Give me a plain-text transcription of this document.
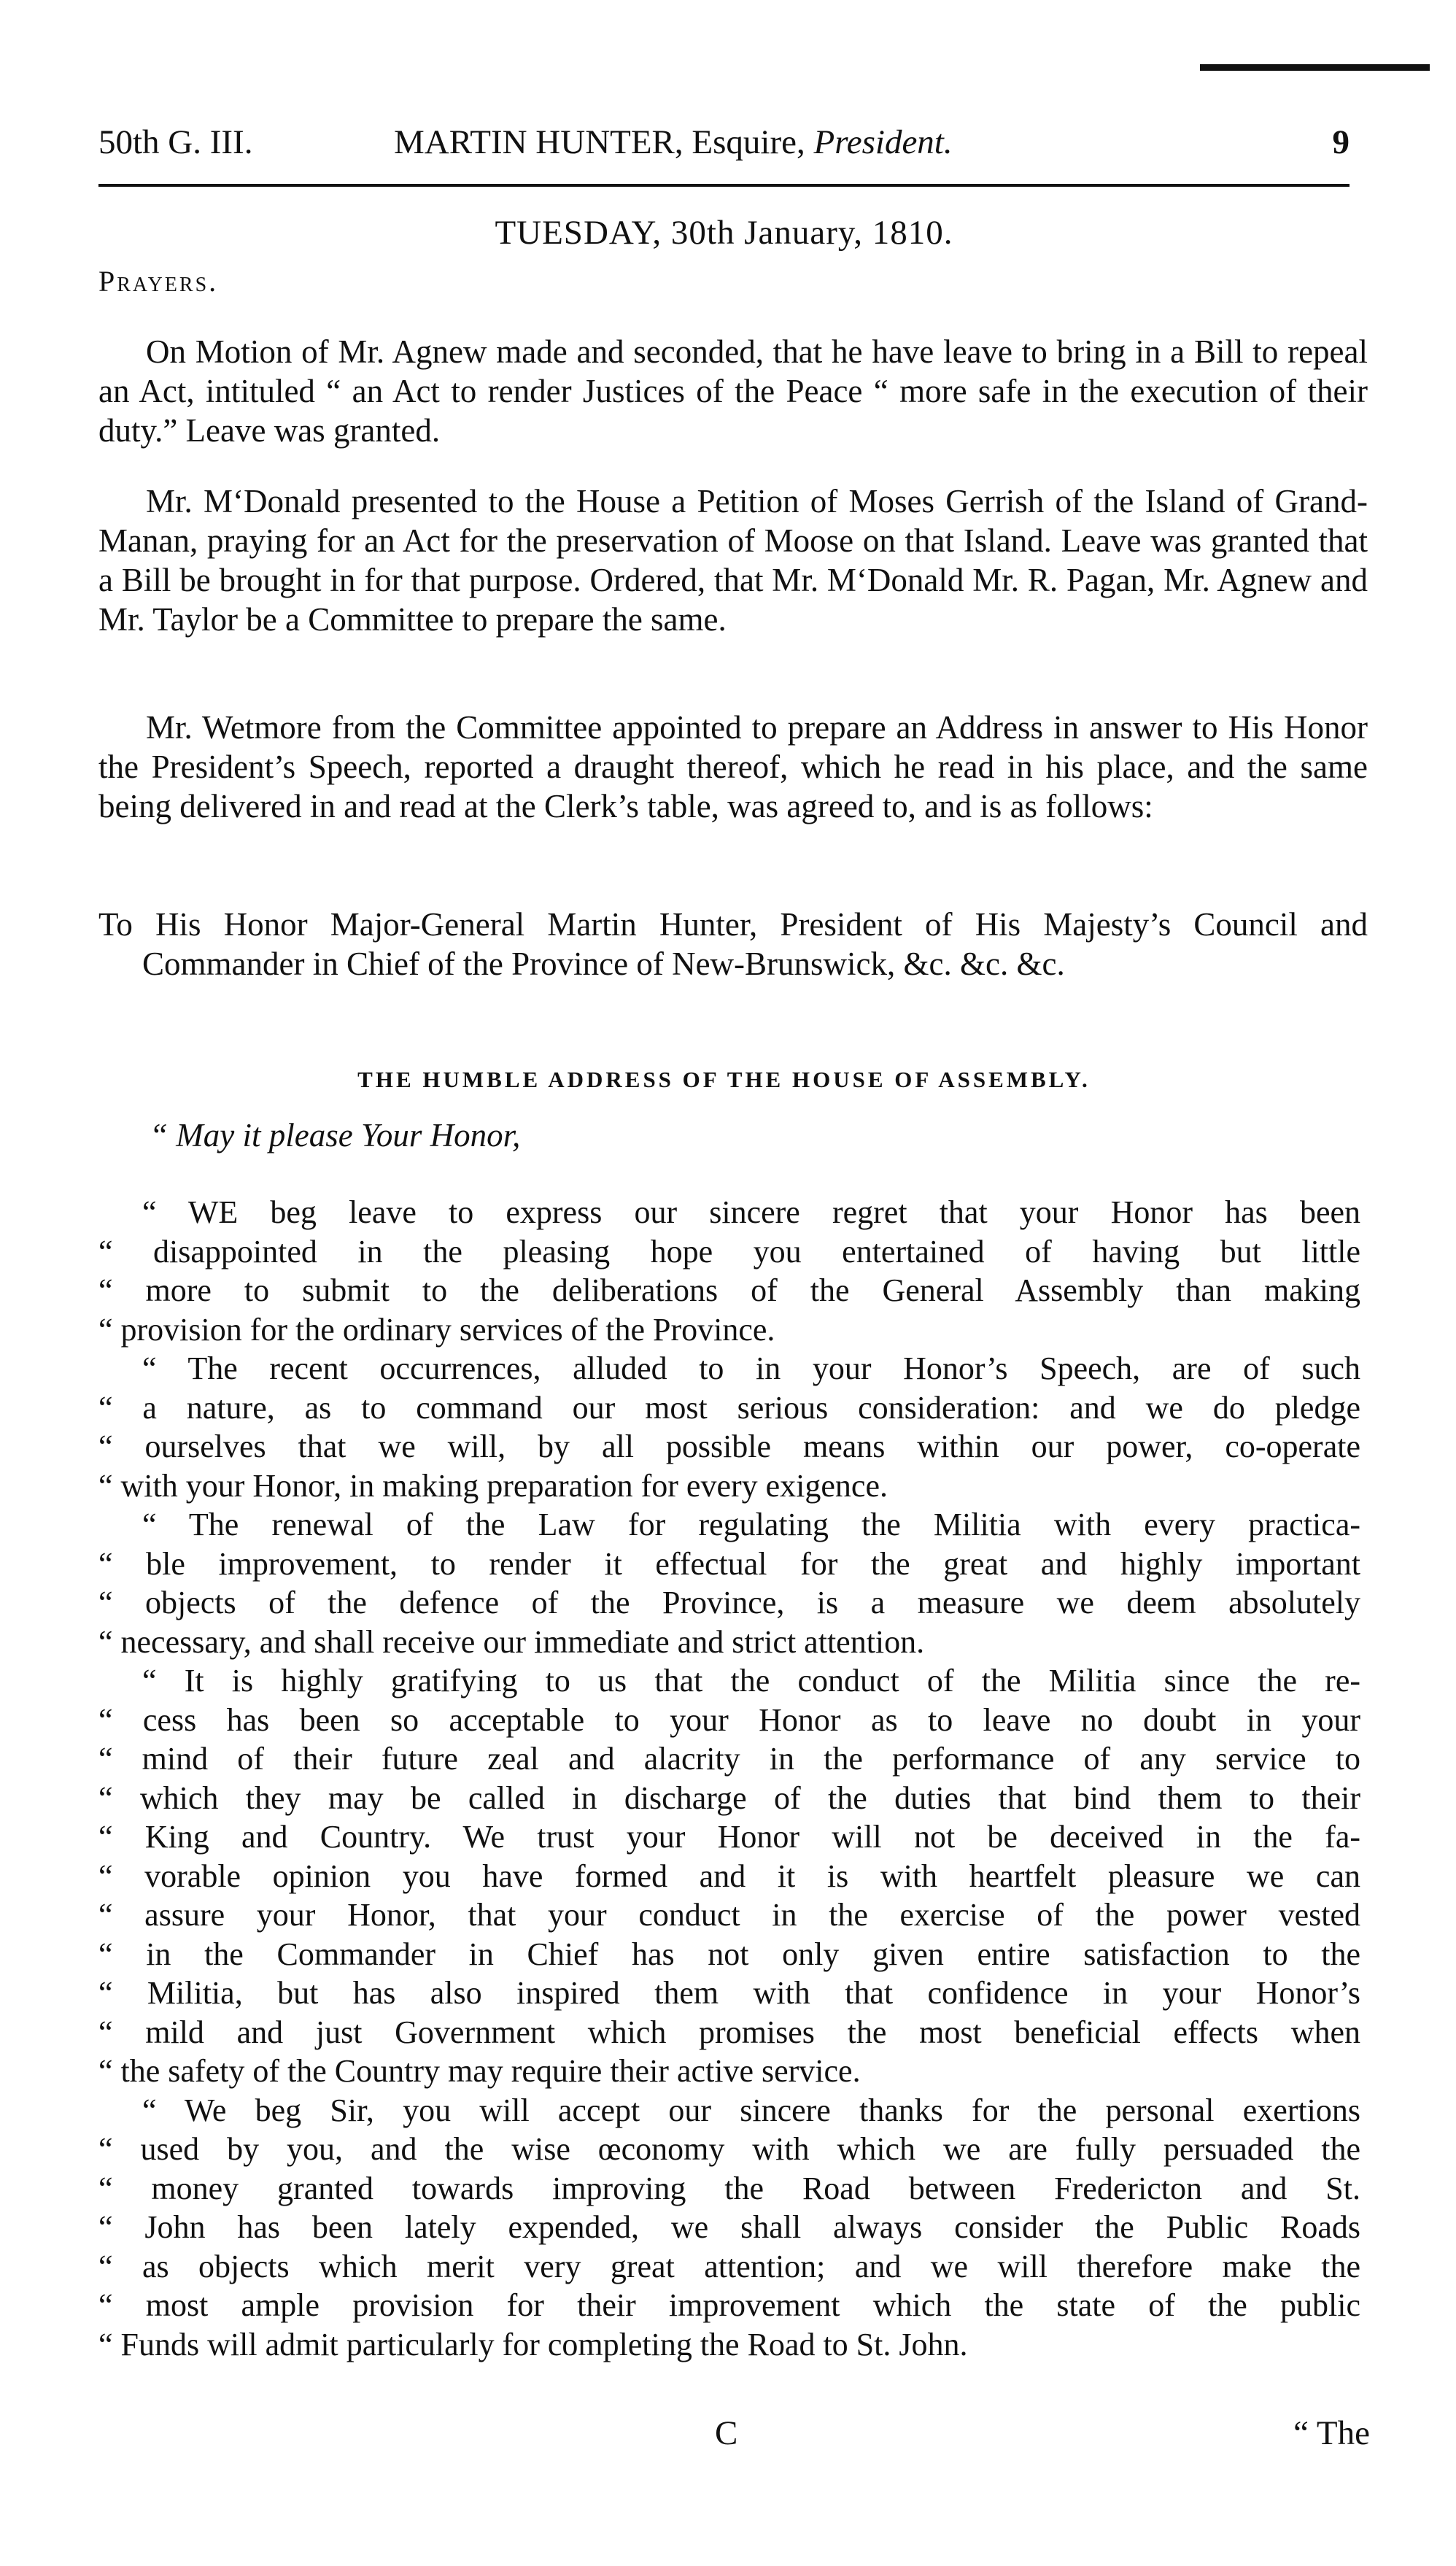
50th G. III.	MARTIN HUNTER, Esquire, President.	9
TUESDAY, 30th January, 1810.
Prayers.

On Motion of Mr. Agnew made and seconded, that he have leave to bring in a Bill to repeal an Act, intituled “ an Act to render Justices of the Peace “ more safe in the execution of their duty.” Leave was granted.

Mr. M‘Donald presented to the House a Petition of Moses Gerrish of the Island of Grand-Manan, praying for an Act for the preservation of Moose on that Island. Leave was granted that a Bill be brought in for that purpose. Ordered, that Mr. M‘Donald Mr. R. Pagan, Mr. Agnew and Mr. Taylor be a Committee to prepare the same.

Mr. Wetmore from the Committee appointed to prepare an Address in answer to His Honor the President’s Speech, reported a draught thereof, which he read in his place, and the same being delivered in and read at the Clerk’s table, was agreed to, and is as follows:

To His Honor Major-General Martin Hunter, President of His Majesty’s Council and Commander in Chief of the Province of New-Brunswick, &c. &c. &c.

THE HUMBLE ADDRESS OF THE HOUSE OF ASSEMBLY.
“ May it please Your Honor,
“ WE beg leave to express our sincere regret that your Honor has been
“ disappointed in the pleasing hope you entertained of having but little
“ more to submit to the deliberations of the General Assembly than making
“ provision for the ordinary services of the Province.
“ The recent occurrences, alluded to in your Honor’s Speech, are of such
“ a nature, as to command our most serious consideration: and we do pledge
“ ourselves that we will, by all possible means within our power, co-operate
“ with your Honor, in making preparation for every exigence.
“ The renewal of the Law for regulating the Militia with every practica-
“ ble improvement, to render it effectual for the great and highly important
“ objects of the defence of the Province, is a measure we deem absolutely
“ necessary, and shall receive our immediate and strict attention.
“ It is highly gratifying to us that the conduct of the Militia since the re-
“ cess has been so acceptable to your Honor as to leave no doubt in your
“ mind of their future zeal and alacrity in the performance of any service to
“ which they may be called in discharge of the duties that bind them to their
“ King and Country. We trust your Honor will not be deceived in the fa-
“ vorable opinion you have formed and it is with heartfelt pleasure we can
“ assure your Honor, that your conduct in the exercise of the power vested
“ in the Commander in Chief has not only given entire satisfaction to the
“ Militia, but has also inspired them with that confidence in your Honor’s
“ mild and just Government which promises the most beneficial effects when
“ the safety of the Country may require their active service.
“ We beg Sir, you will accept our sincere thanks for the personal exertions
“ used by you, and the wise œconomy with which we are fully persuaded the
“ money granted towards improving the Road between Fredericton and St.
“ John has been lately expended, we shall always consider the Public Roads
“ as objects which merit very great attention; and we will therefore make the
“ most ample provision for their improvement which the state of the public
“ Funds will admit particularly for completing the Road to St. John.
C	“ The
